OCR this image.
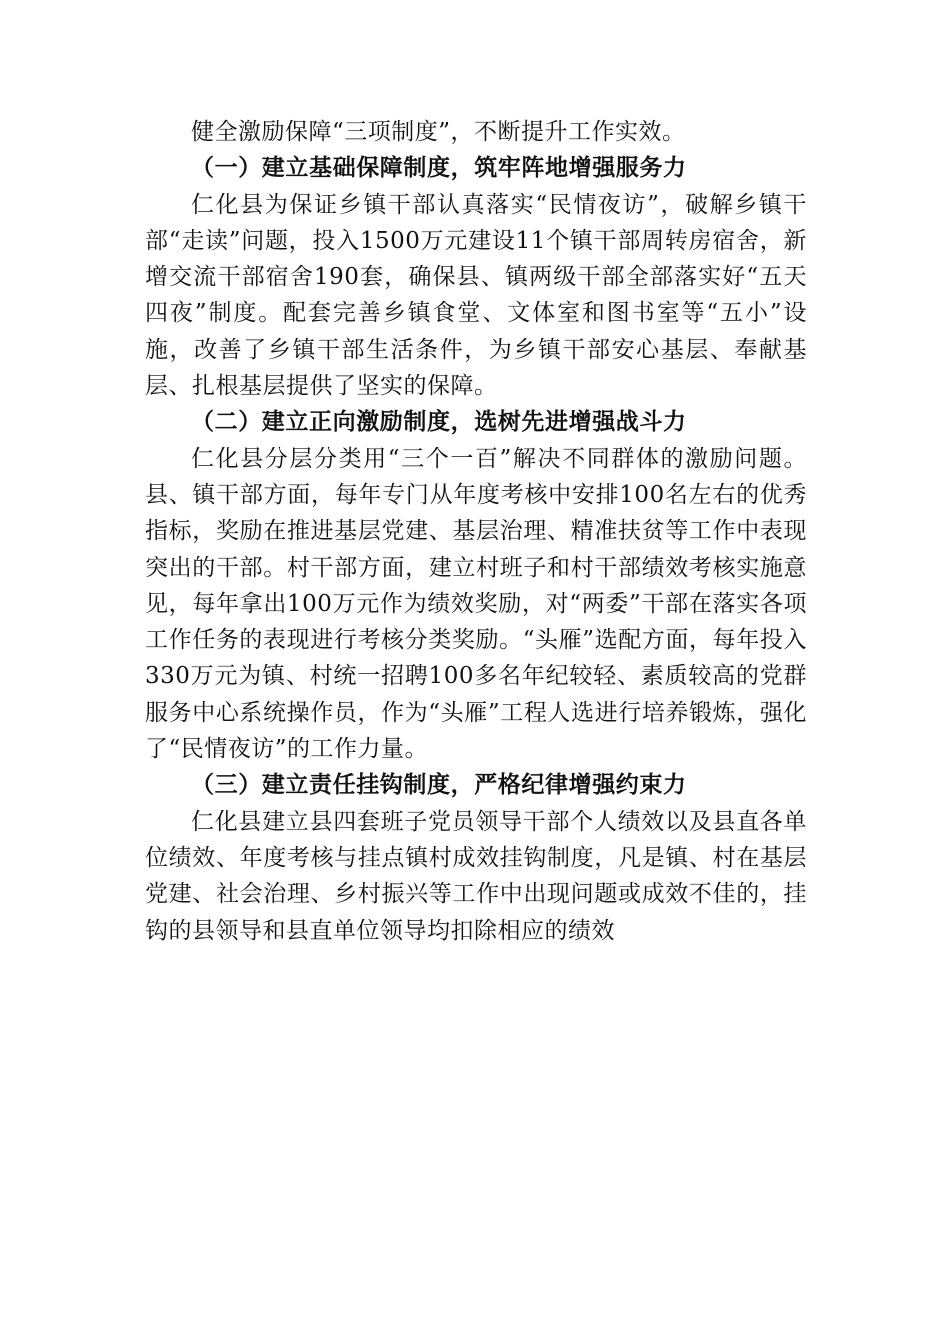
健全激励保障“三项制度”，不断提升工作实效。

（一）建立基础保障制度，筑牢阵地增强服务力

仁化县为保证乡镇干部认真落实“民情夜访”，破解乡镇干部“走读”问题，投入1500万元建设11个镇干部周转房宿舍，新增交流干部宿舍190套，确保县、镇两级干部全部落实好“五天四夜”制度。配套完善乡镇食堂、文体室和图书室等“五小”设施，改善了乡镇干部生活条件，为乡镇干部安心基层、奉献基层、扎根基层提供了坚实的保障。

（二）建立正向激励制度，选树先进增强战斗力

仁化县分层分类用“三个一百”解决不同群体的激励问题。县、镇干部方面，每年专门从年度考核中安排100名左右的优秀指标，奖励在推进基层党建、基层治理、精准扶贫等工作中表现突出的干部。村干部方面，建立村班子和村干部绩效考核实施意见，每年拿出100万元作为绩效奖励，对“两委”干部在落实各项工作任务的表现进行考核分类奖励。“头雁”选配方面，每年投入330万元为镇、村统一招聘100多名年纪较轻、素质较高的党群服务中心系统操作员，作为“头雁”工程人选进行培养锻炼，强化了“民情夜访”的工作力量。

（三）建立责任挂钩制度，严格纪律增强约束力

仁化县建立县四套班子党员领导干部个人绩效以及县直各单位绩效、年度考核与挂点镇村成效挂钩制度，凡是镇、村在基层党建、社会治理、乡村振兴等工作中出现问题或成效不佳的，挂钩的县领导和县直单位领导均扣除相应的绩效
